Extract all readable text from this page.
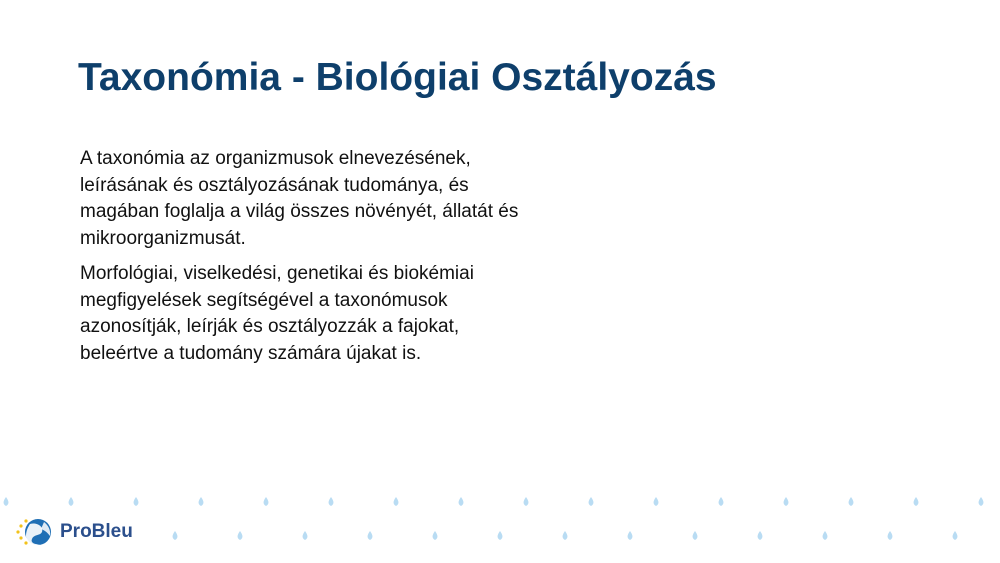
Taxonómia - Biológiai Osztályozás

A taxonómia az organizmusok elnevezésének, leírásának és osztályozásának tudománya, és magában foglalja a világ összes növényét, állatát és mikroorganizmusát.

Morfológiai, viselkedési, genetikai és biokémiai megfigyelések segítségével a taxonómusok azonosítják, leírják és osztályozzák a fajokat, beleértve a tudomány számára újakat is.

ProBleu
